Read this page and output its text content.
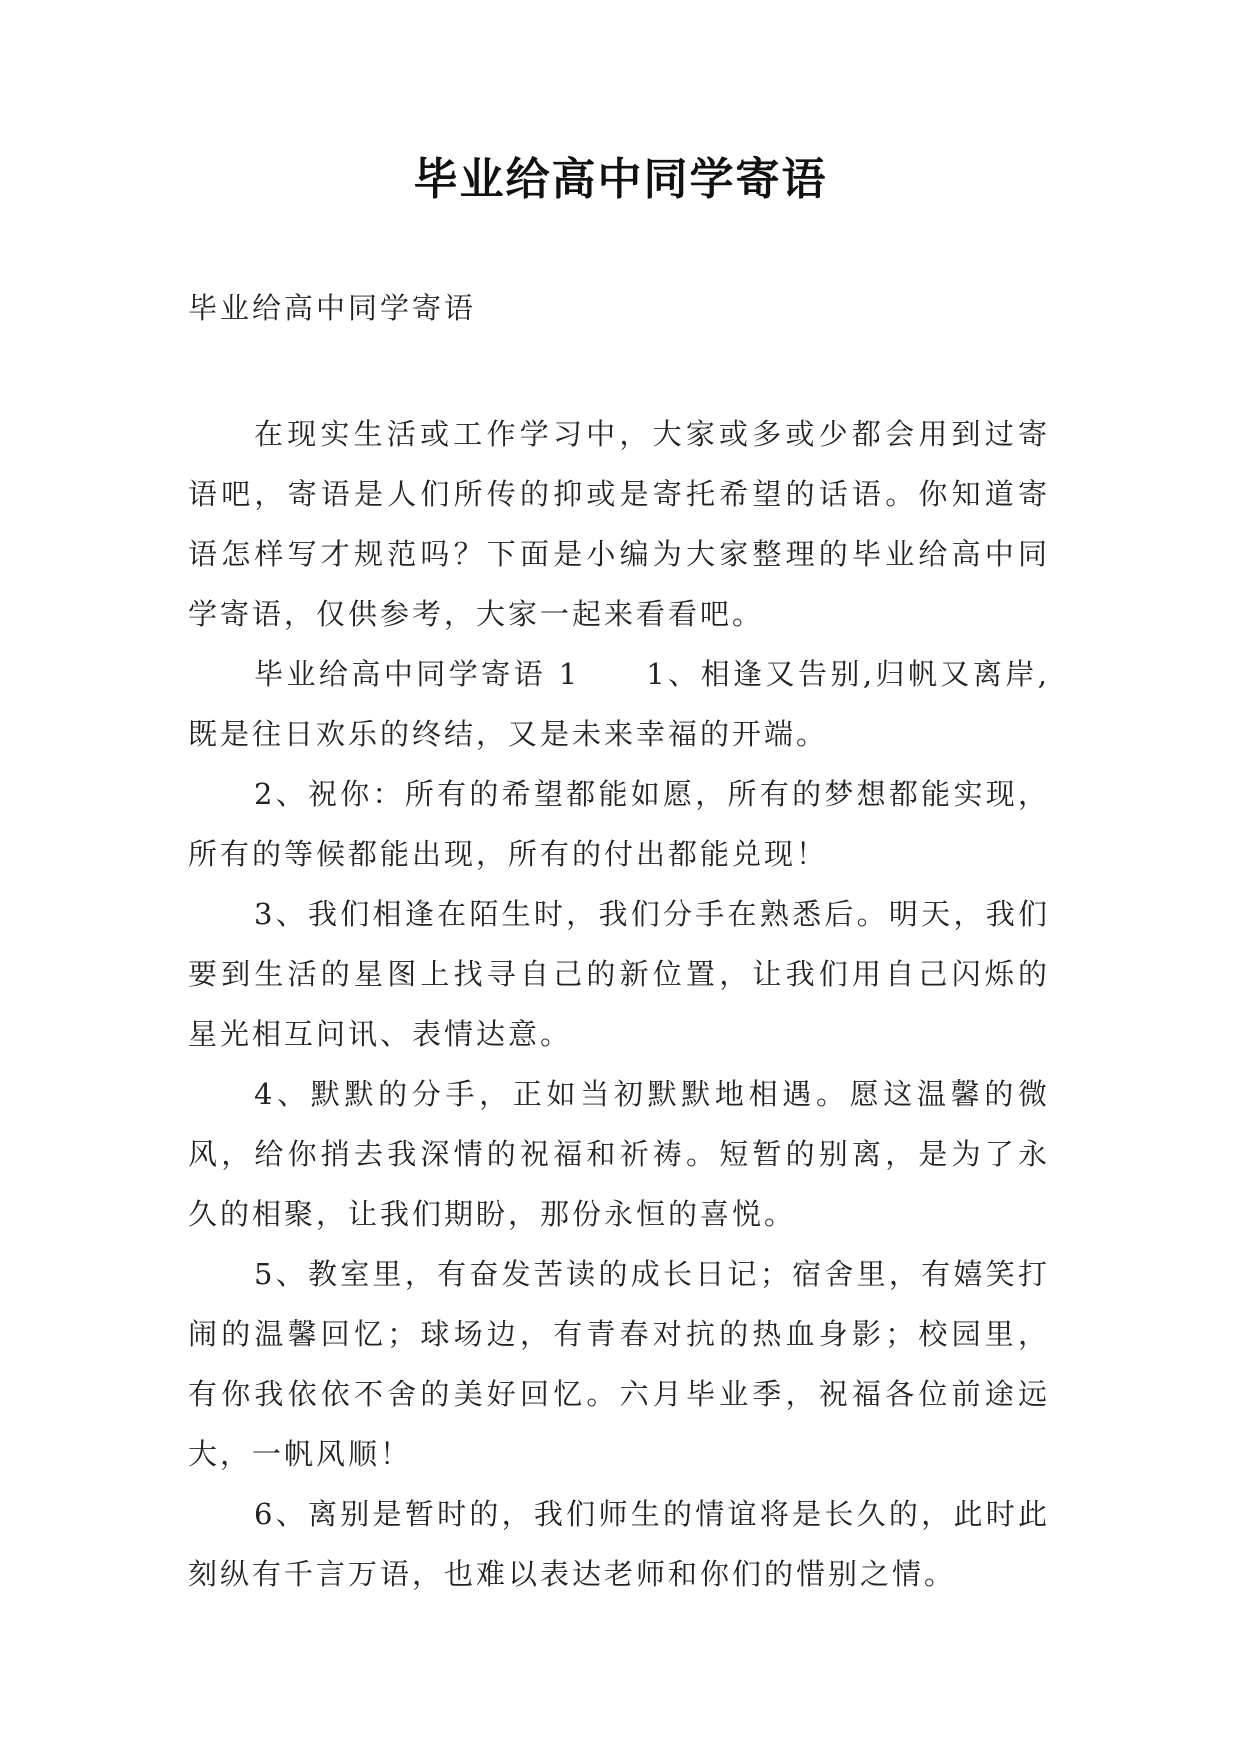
毕业给高中同学寄语
毕业给高中同学寄语

在现实生活或工作学习中，大家或多或少都会用到过寄语吧，寄语是人们所传的抑或是寄托希望的话语。你知道寄语怎样写才规范吗？下面是小编为大家整理的毕业给高中同学寄语，仅供参考，大家一起来看看吧。

毕业给高中同学寄语 1 1、相逢又告别,归帆又离岸,既是往日欢乐的终结，又是未来幸福的开端。

2、祝你：所有的希望都能如愿，所有的梦想都能实现，所有的等候都能出现，所有的付出都能兑现！

3、我们相逢在陌生时，我们分手在熟悉后。明天，我们要到生活的星图上找寻自己的新位置，让我们用自己闪烁的星光相互问讯、表情达意。

4、默默的分手，正如当初默默地相遇。愿这温馨的微风，给你捎去我深情的祝福和祈祷。短暂的别离，是为了永久的相聚，让我们期盼，那份永恒的喜悦。

5、教室里，有奋发苦读的成长日记；宿舍里，有嬉笑打闹的温馨回忆；球场边，有青春对抗的热血身影；校园里，有你我依依不舍的美好回忆。六月毕业季，祝福各位前途远大，一帆风顺！

6、离别是暂时的，我们师生的情谊将是长久的，此时此刻纵有千言万语，也难以表达老师和你们的惜别之情。
